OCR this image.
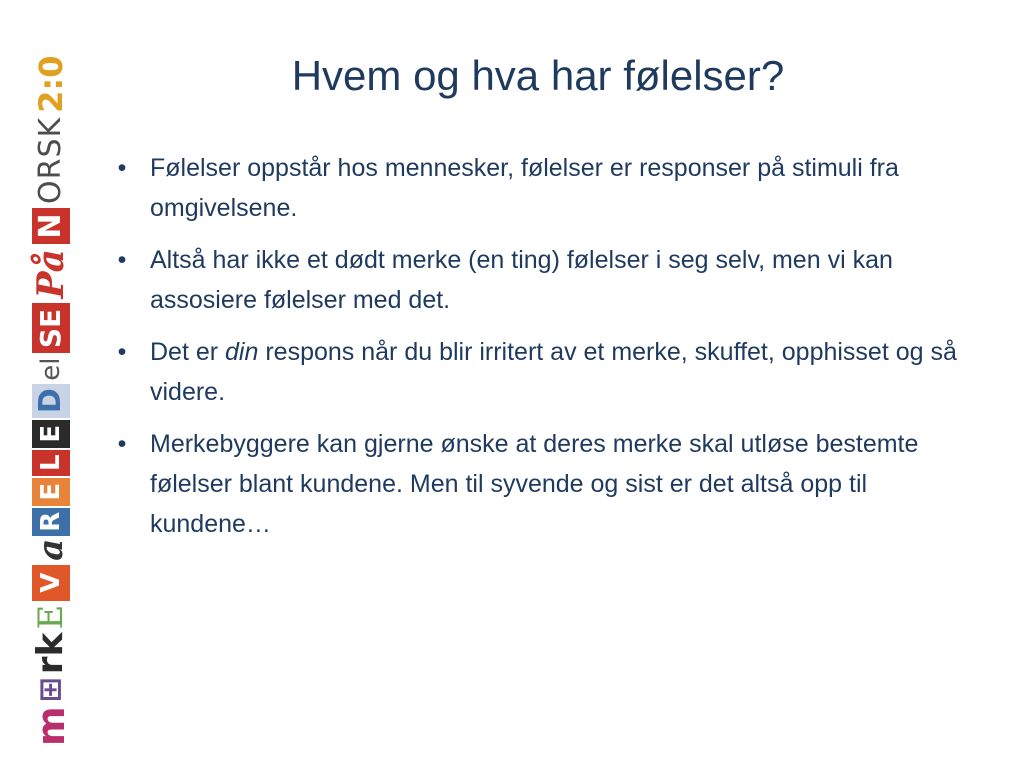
m
⊞
rk
E
V
a
R
E
L
E
D
el
SE
På
N
ORSK
2:0	Hvem og hva har følelser?
• Følelser oppstår hos mennesker, følelser er responser på stimuli fra omgivelsene.
• Altså har ikke et dødt merke (en ting) følelser i seg selv, men vi kan assosiere følelser med det.
• Det er din respons når du blir irritert av et merke, skuffet, opphisset og så videre.
• Merkebyggere kan gjerne ønske at deres merke skal utløse bestemte følelser blant kundene. Men til syvende og sist er det altså opp til kundene…
